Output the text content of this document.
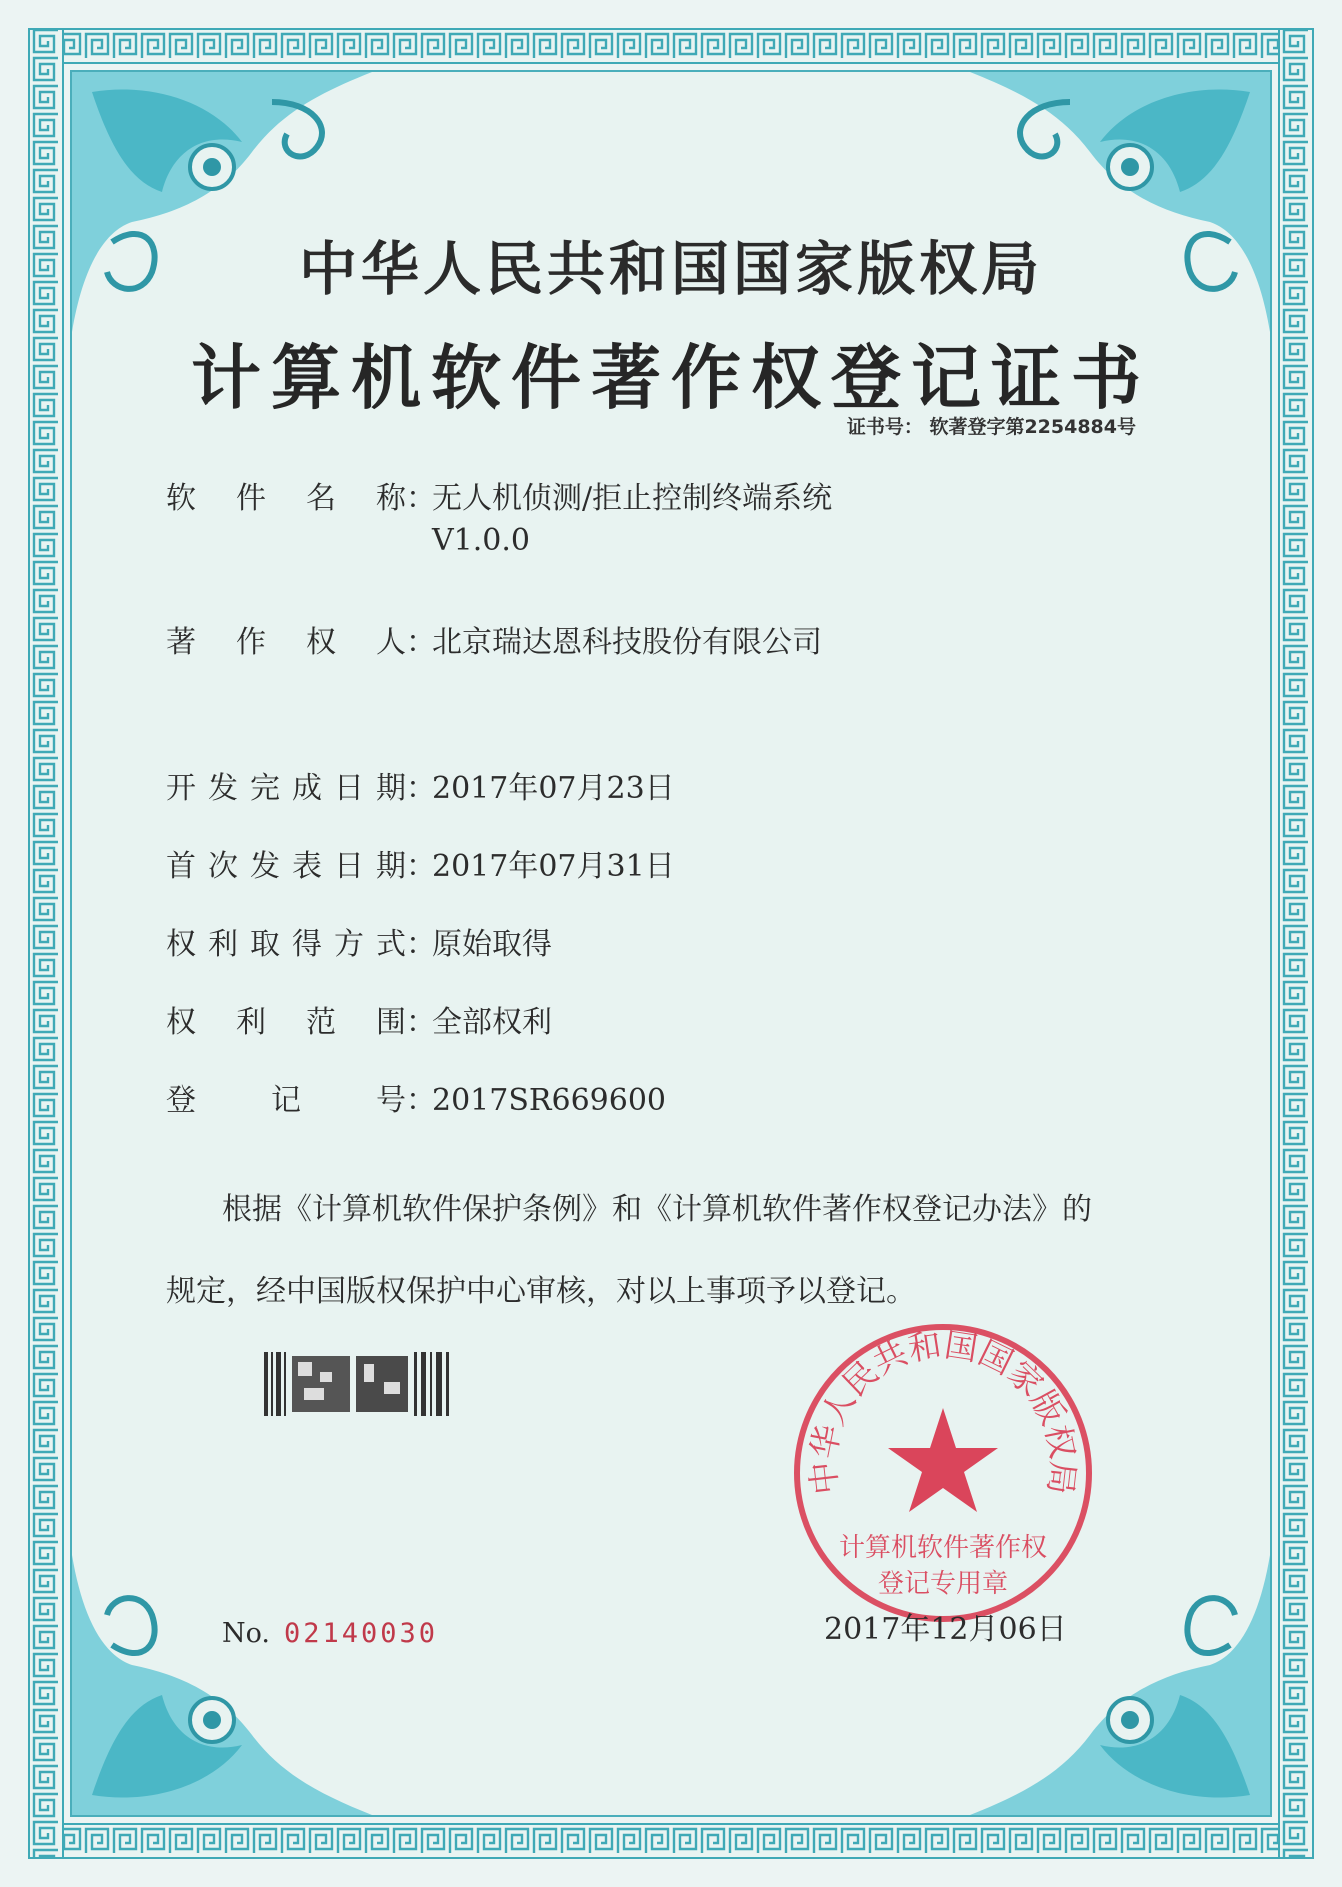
中华人民共和国国家版权局
计算机软件著作权登记证书
证书号： 软著登字第2254884号
软件名称：
无人机侦测/拒止控制终端系统
V1.0.0
著作权人：北京瑞达恩科技股份有限公司
开发完成日期：2017年07月23日
首次发表日期：2017年07月31日
权利取得方式：原始取得
权利范围：全部权利
登记号：2017SR669600
根据《计算机软件保护条例》和《计算机软件著作权登记办法》的
规定，经中国版权保护中心审核，对以上事项予以登记。
中华人民共和国国家版权局
计算机软件著作权
登记专用章
No. 02140030	2017年12月06日
